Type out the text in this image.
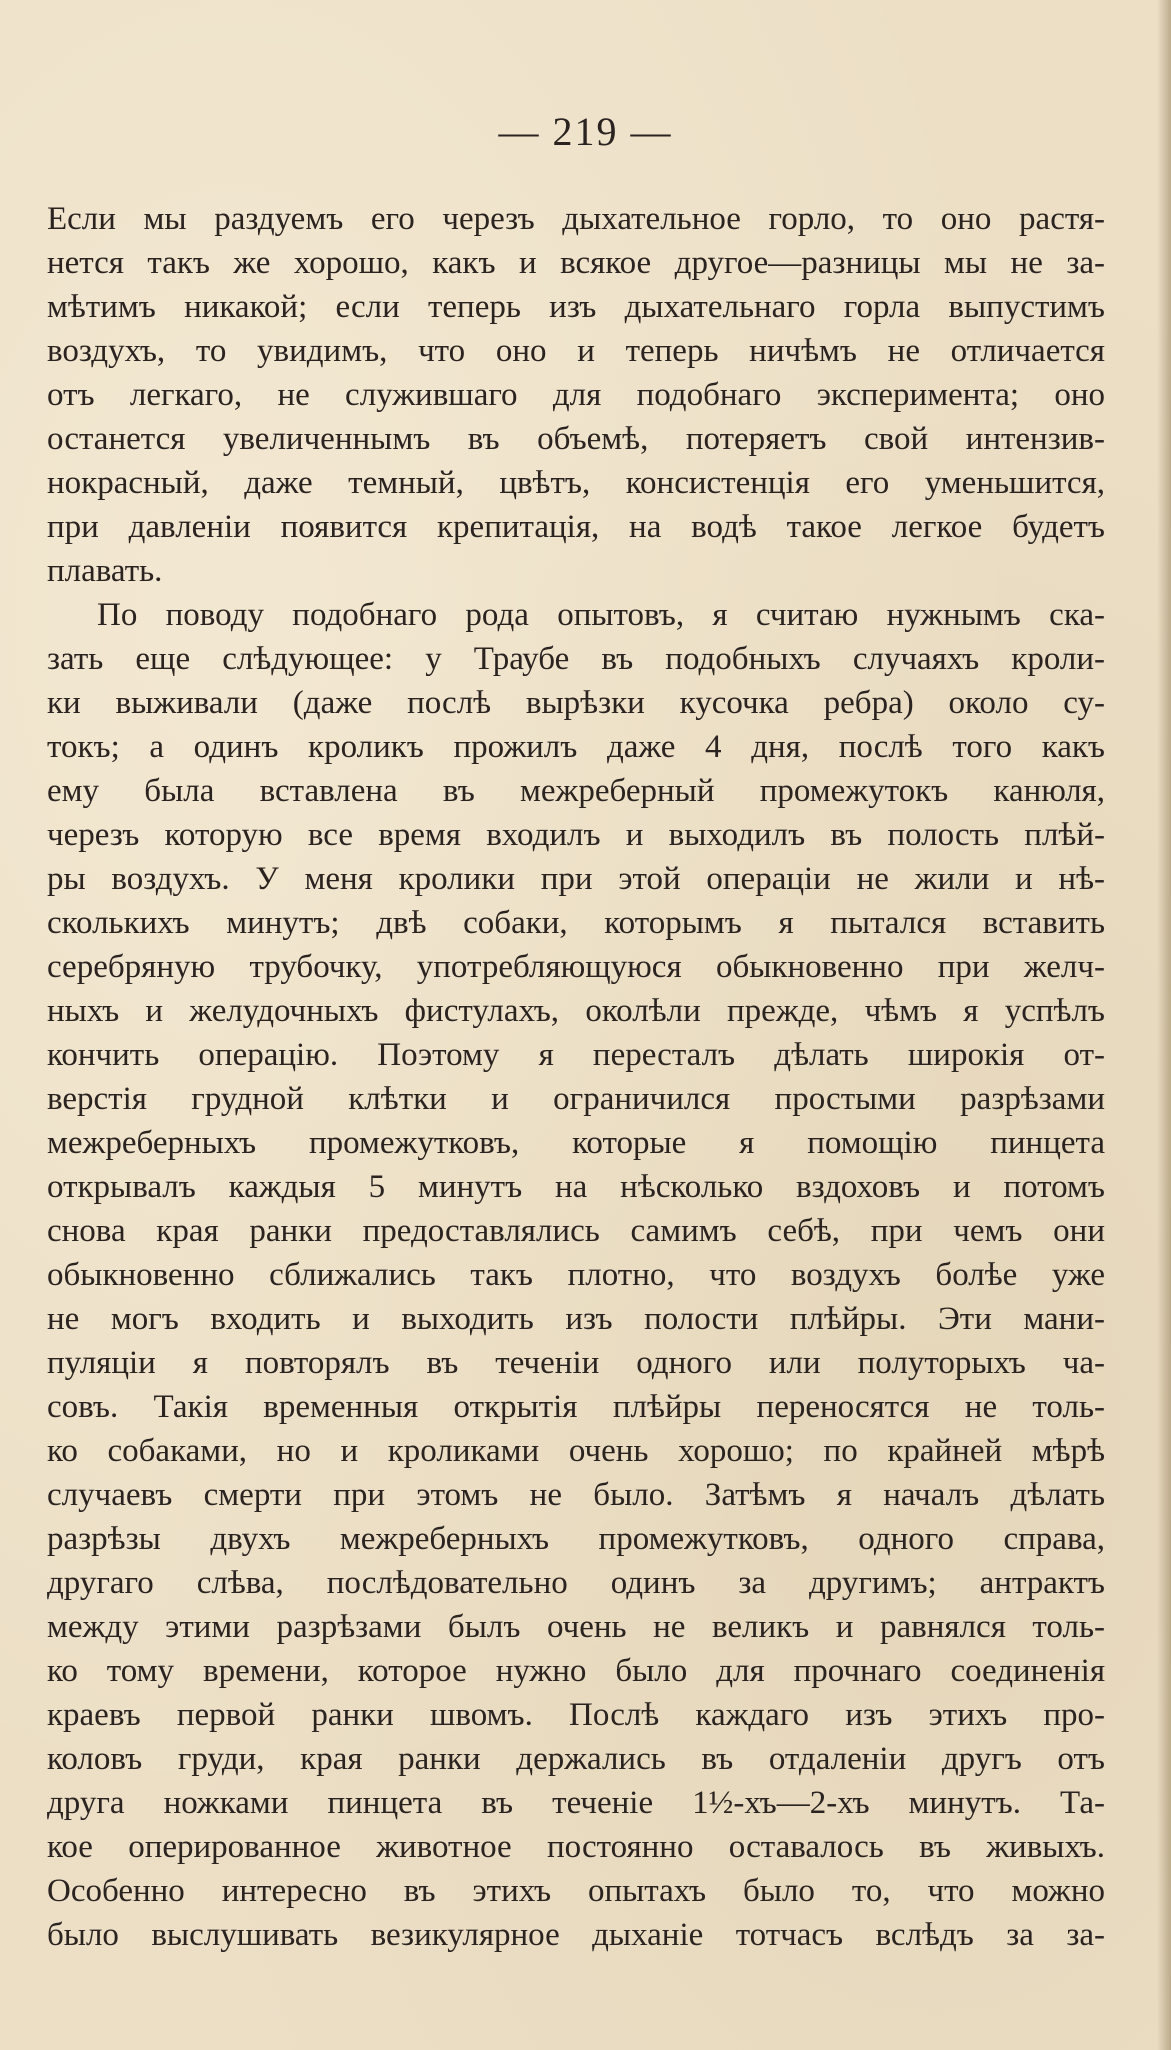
— 219 —
Если мы раздуемъ его черезъ дыхательное горло, то оно растя-
нется такъ же хорошо, какъ и всякое другое—разницы мы не за-
мѣтимъ никакой; если теперь изъ дыхательнаго горла выпустимъ
воздухъ, то увидимъ, что оно и теперь ничѣмъ не отличается
отъ легкаго, не служившаго для подобнаго эксперимента; оно
останется увеличеннымъ въ объемѣ, потеряетъ свой интензив-
нокрасный, даже темный, цвѣтъ, консистенція его уменьшится,
при давленіи появится крепитація, на водѣ такое легкое будетъ
плавать.
По поводу подобнаго рода опытовъ, я считаю нужнымъ ска-
зать еще слѣдующее: у Траубе въ подобныхъ случаяхъ кроли-
ки выживали (даже послѣ вырѣзки кусочка ребра) около су-
токъ; а одинъ кроликъ прожилъ даже 4 дня, послѣ того какъ
ему была вставлена въ межреберный промежутокъ канюля,
черезъ которую все время входилъ и выходилъ въ полость плѣй-
ры воздухъ. У меня кролики при этой операціи не жили и нѣ-
сколькихъ минутъ; двѣ собаки, которымъ я пытался вставить
серебряную трубочку, употребляющуюся обыкновенно при желч-
ныхъ и желудочныхъ фистулахъ, околѣли прежде, чѣмъ я успѣлъ
кончить операцію. Поэтому я пересталъ дѣлать широкія от-
верстія грудной клѣтки и ограничился простыми разрѣзами
межреберныхъ промежутковъ, которые я помощію пинцета
открывалъ каждыя 5 минутъ на нѣсколько вздоховъ и потомъ
снова края ранки предоставлялись самимъ себѣ, при чемъ они
обыкновенно сближались такъ плотно, что воздухъ болѣе уже
не могъ входить и выходить изъ полости плѣйры. Эти мани-
пуляціи я повторялъ въ теченіи одного или полуторыхъ ча-
совъ. Такія временныя открытія плѣйры переносятся не толь-
ко собаками, но и кроликами очень хорошо; по крайней мѣрѣ
случаевъ смерти при этомъ не было. Затѣмъ я началъ дѣлать
разрѣзы двухъ межреберныхъ промежутковъ, одного справа,
другаго слѣва, послѣдовательно одинъ за другимъ; антрактъ
между этими разрѣзами былъ очень не великъ и равнялся толь-
ко тому времени, которое нужно было для прочнаго соединенія
краевъ первой ранки швомъ. Послѣ каждаго изъ этихъ про-
коловъ груди, края ранки держались въ отдаленіи другъ отъ
друга ножками пинцета въ теченіе 1½-хъ—2-хъ минутъ. Та-
кое оперированное животное постоянно оставалось въ живыхъ.
Особенно интересно въ этихъ опытахъ было то, что можно
было выслушивать везикулярное дыханіе тотчасъ вслѣдъ за за-
